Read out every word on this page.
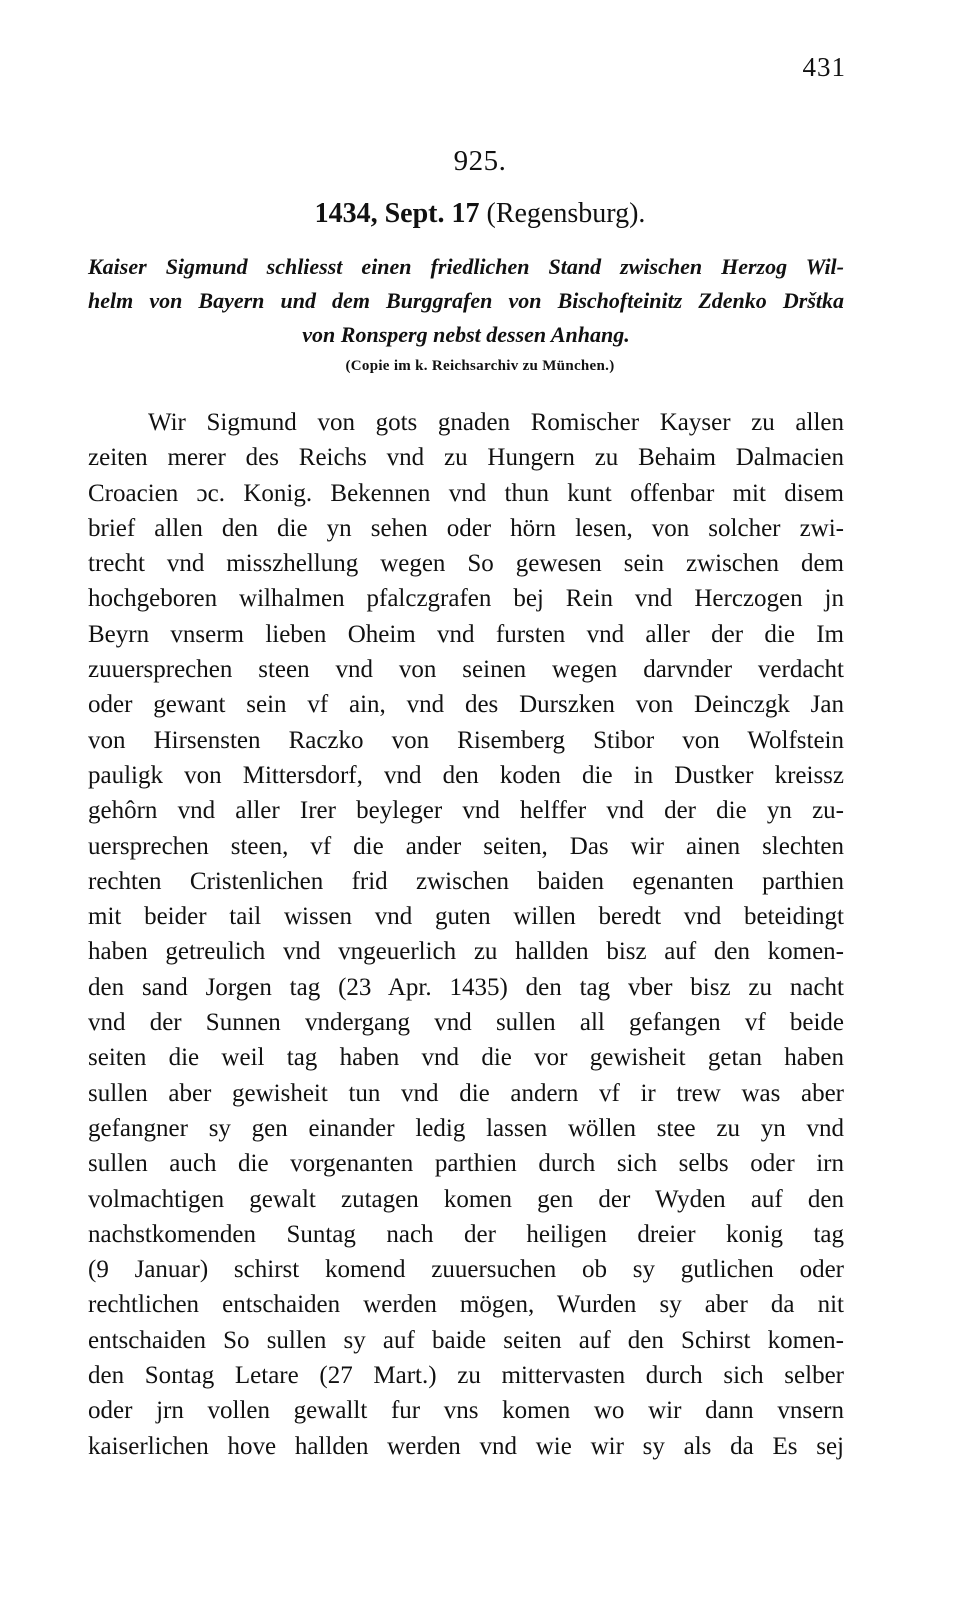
431
925.
1434, Sept. 17 (Regensburg).
Kaiser Sigmund schliesst einen friedlichen Stand zwischen Herzog Wil-
helm von Bayern und dem Burggrafen von Bischofteinitz Zdenko Drštka
von Ronsperg nebst dessen Anhang.
(Copie im k. Reichsarchiv zu München.)
Wir Sigmund von gots gnaden Romischer Kayser zu allen
zeiten merer des Reichs vnd zu Hungern zu Behaim Dalmacien
Croacien ɔc. Konig. Bekennen vnd thun kunt offenbar mit disem
brief allen den die yn sehen oder hörn lesen, von solcher zwi-
trecht vnd misszhellung wegen So gewesen sein zwischen dem
hochgeboren wilhalmen pfalczgrafen bej Rein vnd Herczogen jn
Beyrn vnserm lieben Oheim vnd fursten vnd aller der die Im
zuuersprechen steen vnd von seinen wegen darvnder verdacht
oder gewant sein vf ain, vnd des Durszken von Deinczgk Jan
von Hirsensten Raczko von Risemberg Stibor von Wolfstein
pauligk von Mittersdorf, vnd den koden die in Dustker kreissz
gehôrn vnd aller Irer beyleger vnd helffer vnd der die yn zu-
uersprechen steen, vf die ander seiten, Das wir ainen slechten
rechten Cristenlichen frid zwischen baiden egenanten parthien
mit beider tail wissen vnd guten willen beredt vnd beteidingt
haben getreulich vnd vngeuerlich zu hallden bisz auf den komen-
den sand Jorgen tag (23 Apr. 1435) den tag vber bisz zu nacht
vnd der Sunnen vndergang vnd sullen all gefangen vf beide
seiten die weil tag haben vnd die vor gewisheit getan haben
sullen aber gewisheit tun vnd die andern vf ir trew was aber
gefangner sy gen einander ledig lassen wöllen stee zu yn vnd
sullen auch die vorgenanten parthien durch sich selbs oder irn
volmachtigen gewalt zutagen komen gen der Wyden auf den
nachstkomenden Suntag nach der heiligen dreier konig tag
(9 Januar) schirst komend zuuersuchen ob sy gutlichen oder
rechtlichen entschaiden werden mögen, Wurden sy aber da nit
entschaiden So sullen sy auf baide seiten auf den Schirst komen-
den Sontag Letare (27 Mart.) zu mittervasten durch sich selber
oder jrn vollen gewallt fur vns komen wo wir dann vnsern
kaiserlichen hove hallden werden vnd wie wir sy als da Es sej
